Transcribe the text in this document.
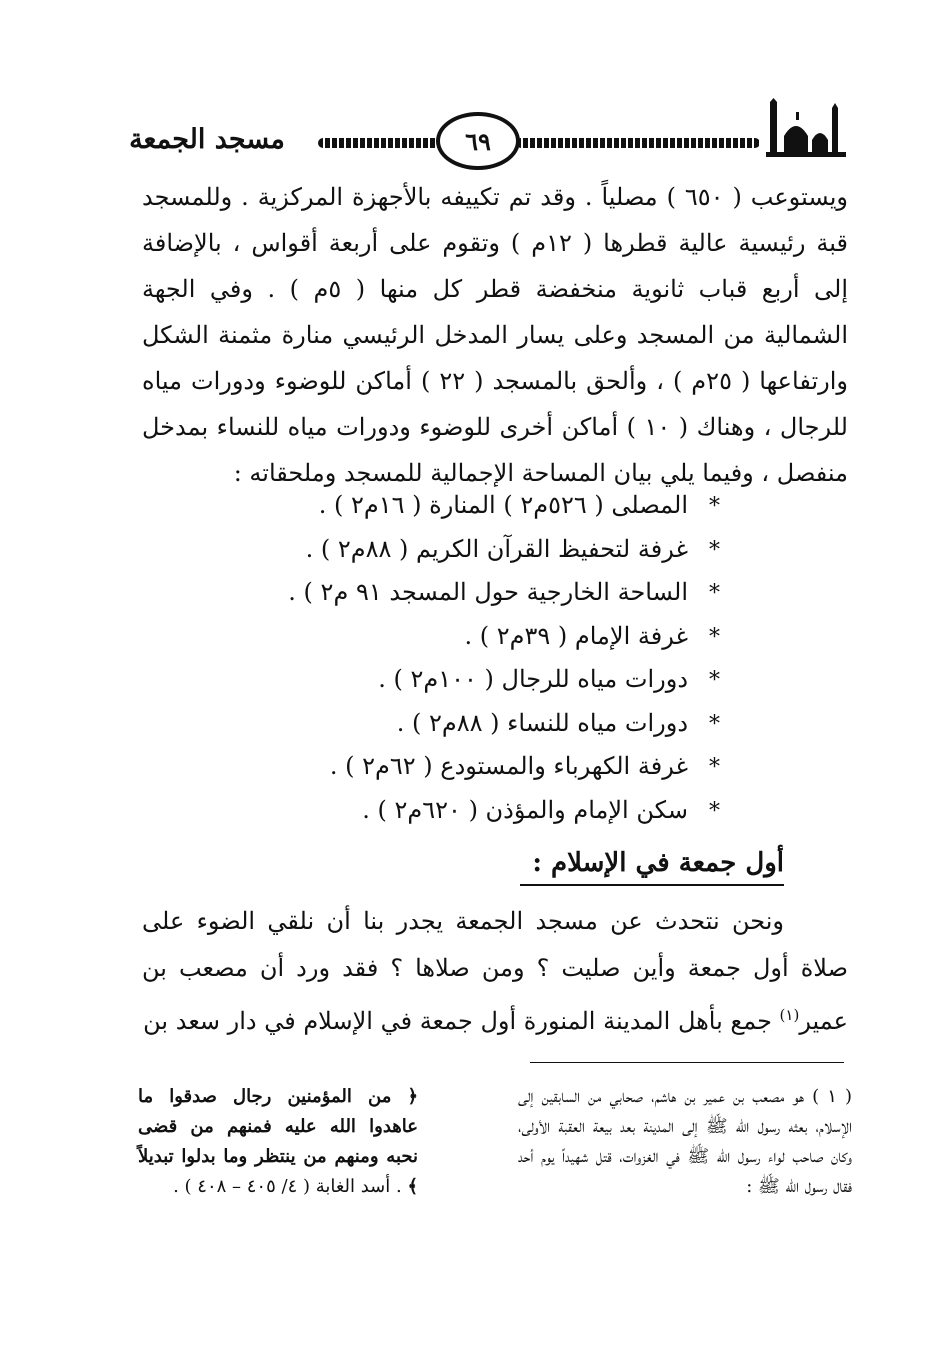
٦٩
مسجد الجمعة

ويستوعب ( ٦٥٠ ) مصلياً . وقد تم تكييفه بالأجهزة المركزية . وللمسجد قبة رئيسية عالية قطرها ( ١٢م ) وتقوم على أربعة أقواس ، بالإضافة إلى أربع قباب ثانوية منخفضة قطر كل منها ( ٥م ) . وفي الجهة الشمالية من المسجد وعلى يسار المدخل الرئيسي منارة مثمنة الشكل وارتفاعها ( ٢٥م ) ، وألحق بالمسجد ( ٢٢ ) أماكن للوضوء ودورات مياه للرجال ، وهناك ( ١٠ ) أماكن أخرى للوضوء ودورات مياه للنساء بمدخل منفصل ، وفيما يلي بيان المساحة الإجمالية للمسجد وملحقاته :

*المصلى ( ٥٢٦م٢ ) المنارة ( ١٦م٢ ) .
*غرفة لتحفيظ القرآن الكريم ( ٨٨م٢ ) .
*الساحة الخارجية حول المسجد ٩١ م٢ ) .
*غرفة الإمام ( ٣٩م٢ ) .
*دورات مياه للرجال ( ١٠٠م٢ ) .
*دورات مياه للنساء ( ٨٨م٢ ) .
*غرفة الكهرباء والمستودع ( ٦٢م٢ ) .
*سكن الإمام والمؤذن ( ٦٢٠م٢ ) .
أول جمعة في الإسلام :

ونحن نتحدث عن مسجد الجمعة يجدر بنا أن نلقي الضوء على صلاة أول جمعة وأين صليت ؟ ومن صلاها ؟ فقد ورد أن مصعب بن عمير$^{(١)}$ جمع بأهل المدينة المنورة أول جمعة في الإسلام في دار سعد بن

( ١ ) هو مصعب بن عمير بن هاشم، صحابي من السابقين إلى الإسلام، بعثه رسول الله ﷺ إلى المدينة بعد بيعة العقبة الأولى، وكان صاحب لواء رسول الله ﷺ في الغزوات، قتل شهيداً يوم أحد فقال رسول الله ﷺ :
﴿ من المؤمنين رجال صدقوا ما عاهدوا الله عليه فمنهم من قضى نحبه ومنهم من ينتظر وما بدلوا تبديلاً ﴾ . أسد الغابة ( ٤/ ٤٠٥ – ٤٠٨ ) .
